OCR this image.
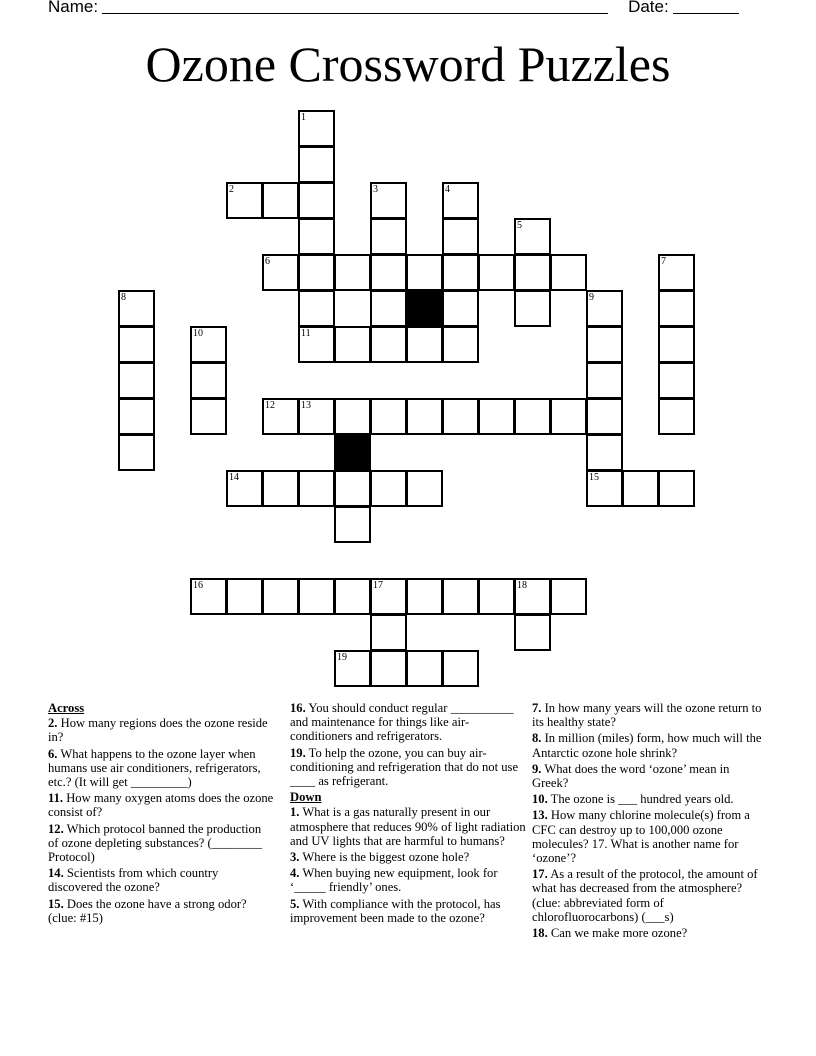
Name:	Date:
Ozone Crossword Puzzles
2
6
11
12	13
14	15
16	17	18
19
1
3	4
5
7
8	9
10
Across
2. How many regions does the ozone reside in?
6. What happens to the ozone layer when humans use air conditioners, refrigerators, etc.? (It will get _________)
11. How many oxygen atoms does the ozone consist of?
12. Which protocol banned the production of ozone depleting substances? (________ Protocol)
14. Scientists from which country discovered the ozone?
15. Does the ozone have a strong odor? (clue: #15)
16. You should conduct regular __________ and maintenance for things like air-conditioners and refrigerators.
19. To help the ozone, you can buy air-conditioning and refrigeration that do not use ____ as refrigerant.
Down
1. What is a gas naturally present in our atmosphere that reduces 90% of light radiation and UV lights that are harmful to humans?
3. Where is the biggest ozone hole?
4. When buying new equipment, look for ‘_____ friendly’ ones.
5. With compliance with the protocol, has improvement been made to the ozone?
7. In how many years will the ozone return to its healthy state?
8. In million (miles) form, how much will the Antarctic ozone hole shrink?
9. What does the word ‘ozone’ mean in Greek?
10. The ozone is ___ hundred years old.
13. How many chlorine molecule(s) from a CFC can destroy up to 100,000 ozone molecules? 17. What is another name for ‘ozone’?
17. As a result of the protocol, the amount of what has decreased from the atmosphere? (clue: abbreviated form of chlorofluorocarbons) (___s)
18. Can we make more ozone?
